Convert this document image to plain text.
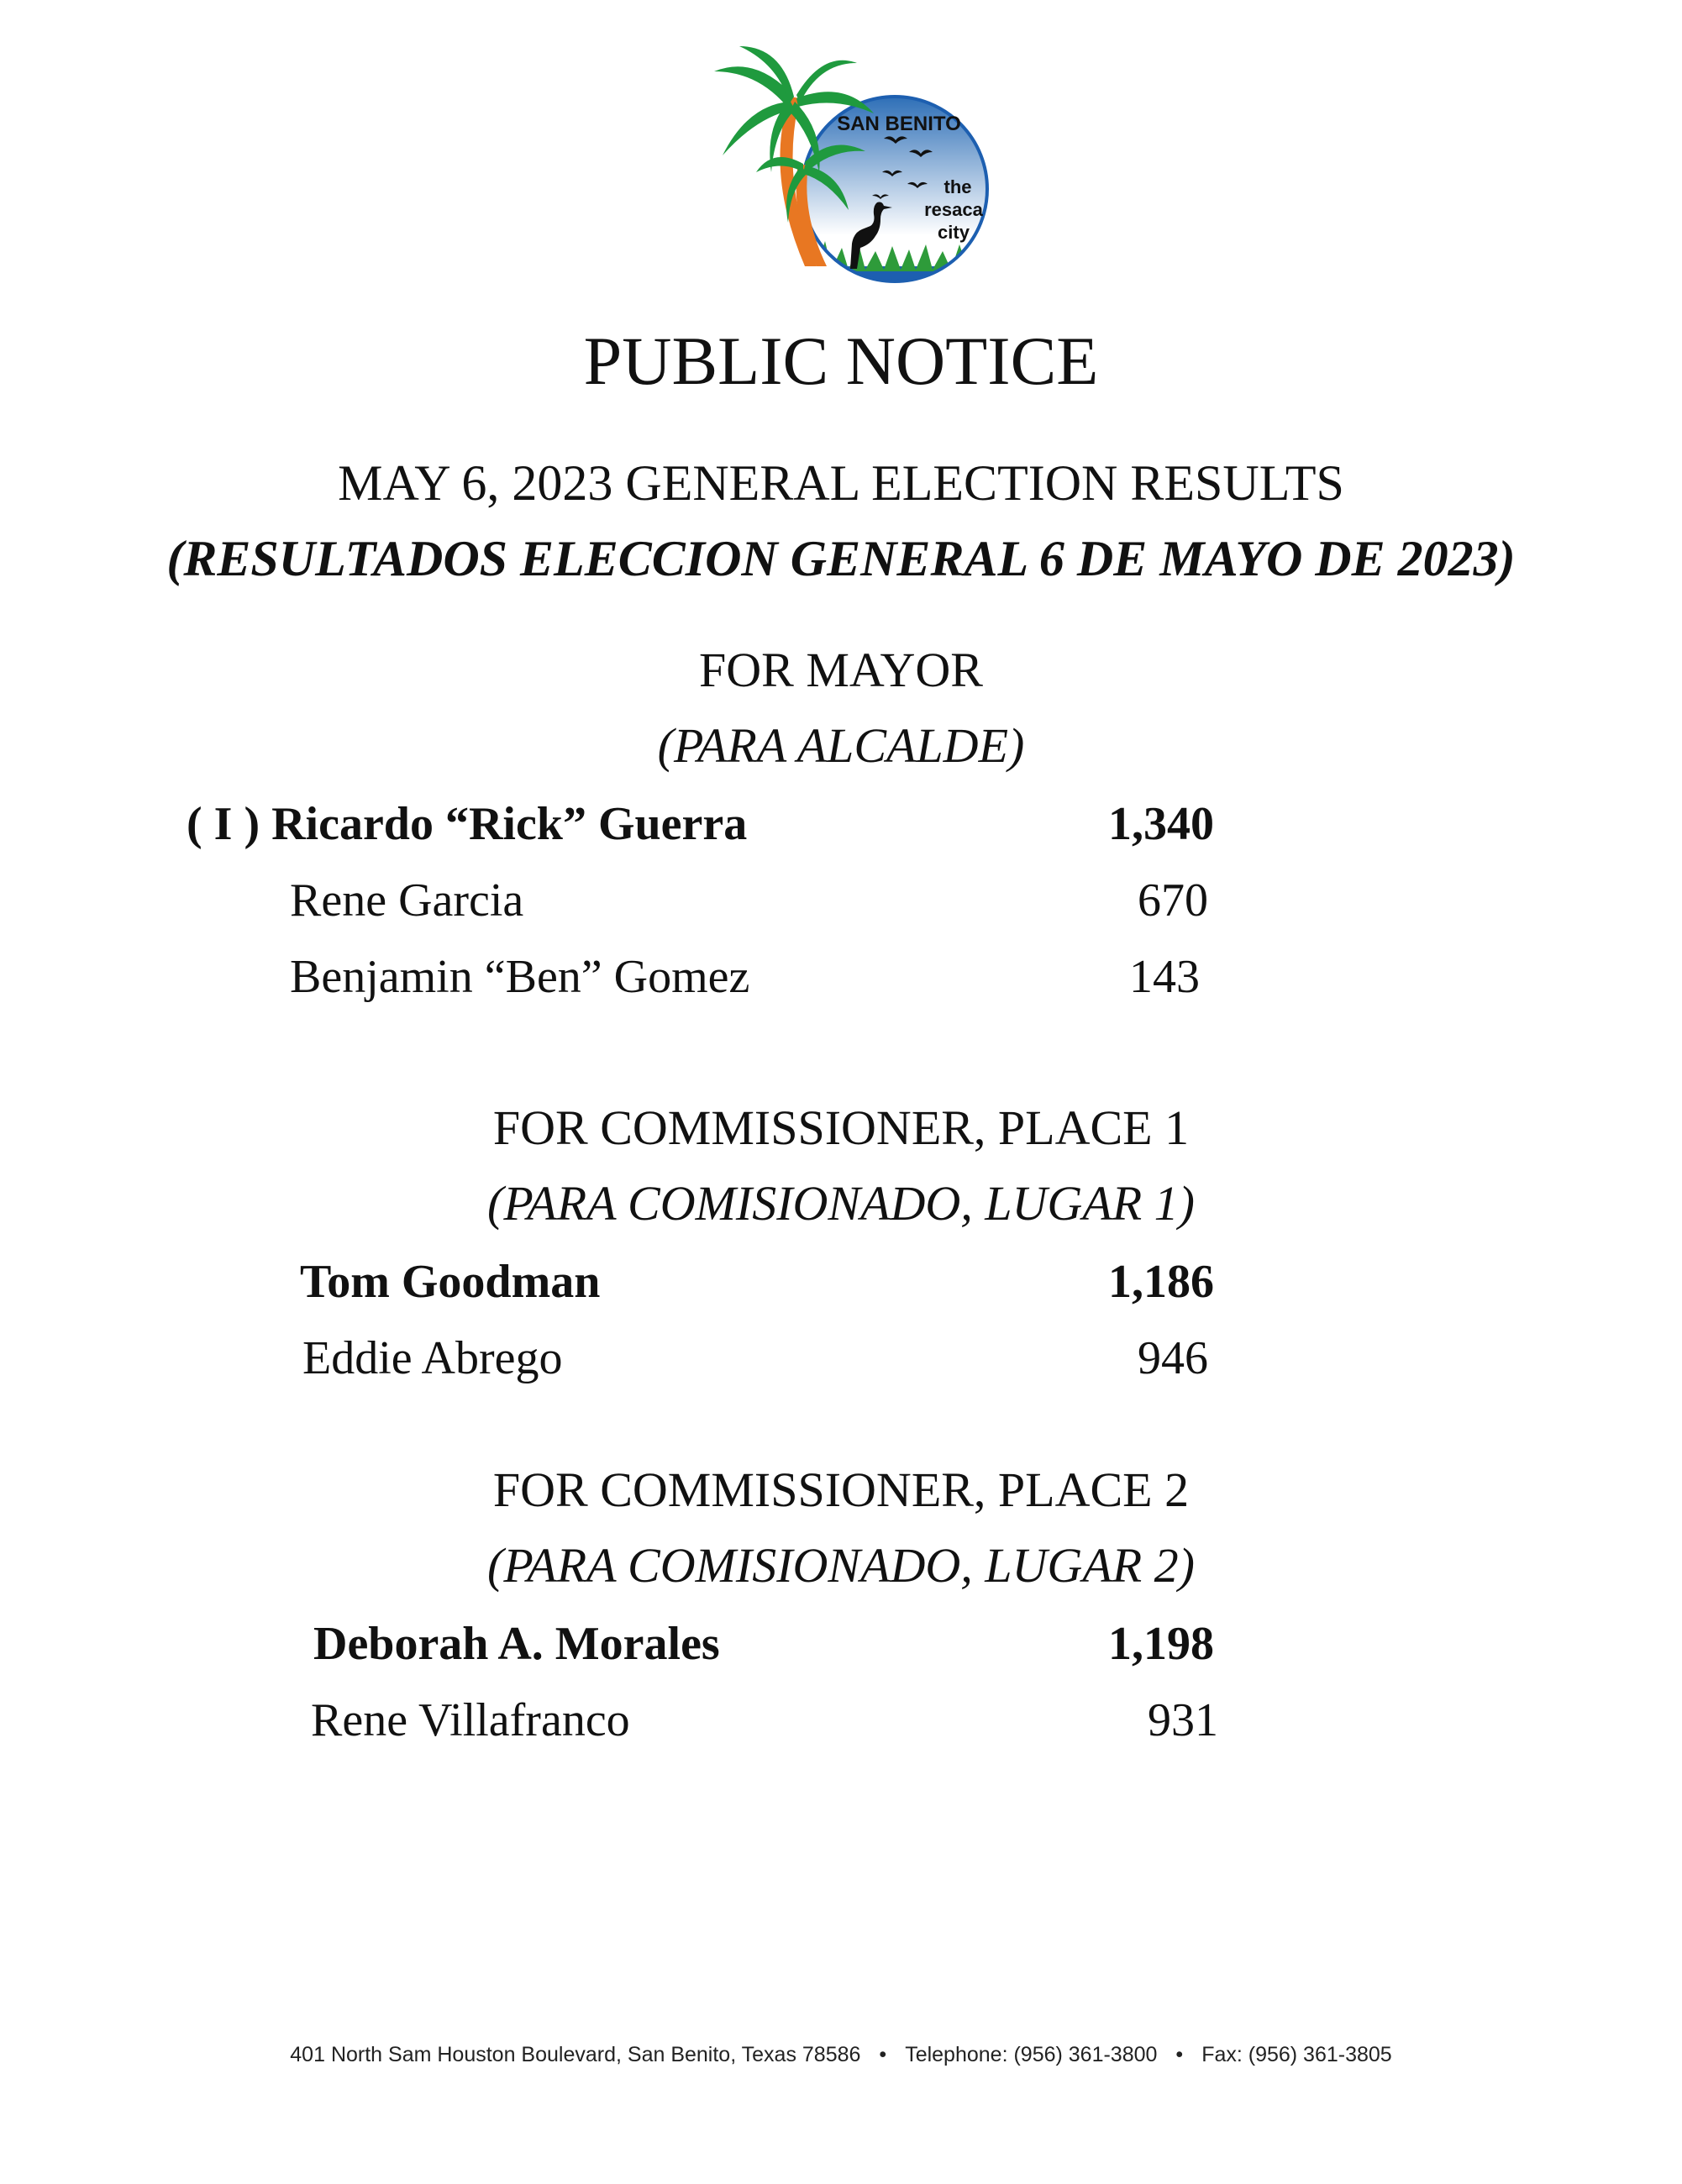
SAN BENITO
the
resaca
city
PUBLIC NOTICE
MAY 6, 2023 GENERAL ELECTION RESULTS
(RESULTADOS ELECCION GENERAL 6 DE MAYO DE 2023)
FOR MAYOR
(PARA ALCALDE)
( I ) Ricardo “Rick” Guerra	1,340
Rene Garcia	670
Benjamin “Ben” Gomez	143
FOR COMMISSIONER, PLACE 1
(PARA COMISIONADO, LUGAR 1)
Tom Goodman	1,186
Eddie Abrego	946
FOR COMMISSIONER, PLACE 2
(PARA COMISIONADO, LUGAR 2)
Deborah A. Morales	1,198
Rene Villafranco	931
401 North Sam Houston Boulevard, San Benito, Texas 78586 • Telephone: (956) 361-3800 • Fax: (956) 361-3805
